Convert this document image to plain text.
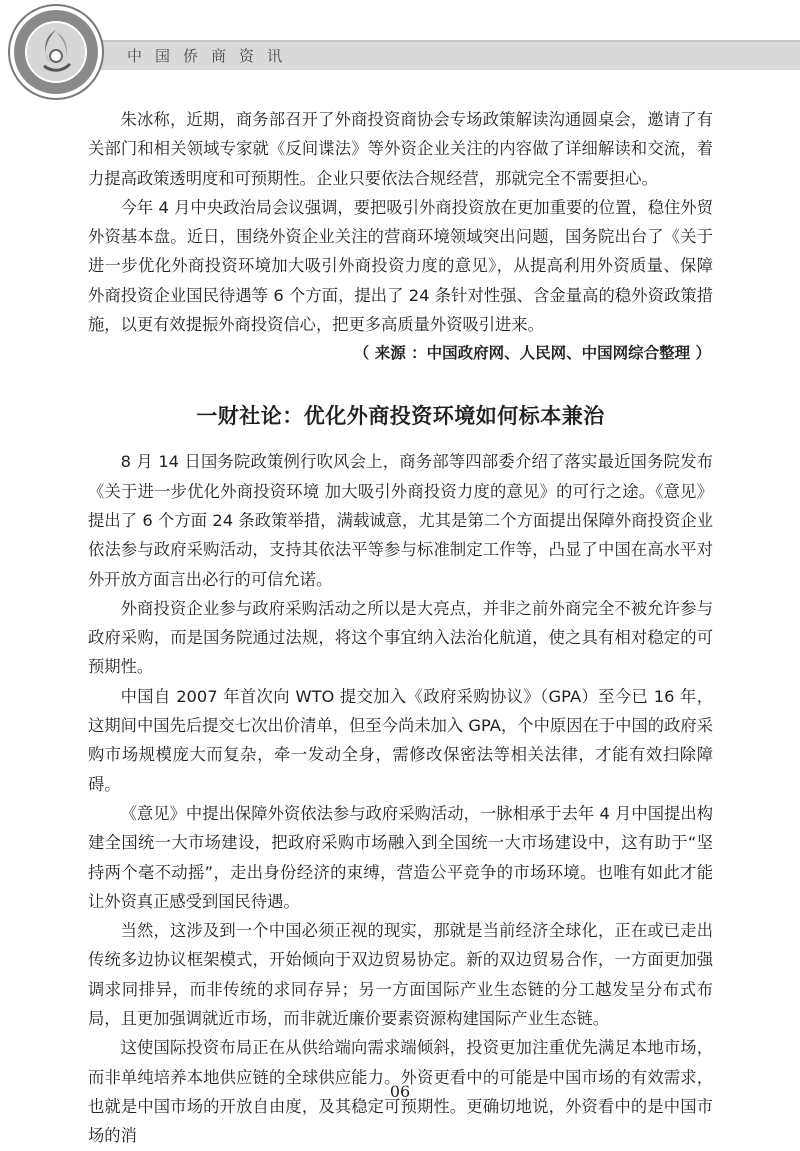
中国侨商资讯

朱冰称，近期，商务部召开了外商投资商协会专场政策解读沟通圆桌会，邀请了有关部门和相关领域专家就《反间谍法》等外资企业关注的内容做了详细解读和交流，着力提高政策透明度和可预期性。企业只要依法合规经营，那就完全不需要担心。

今年 4 月中央政治局会议强调，要把吸引外商投资放在更加重要的位置，稳住外贸外资基本盘。近日，围绕外资企业关注的营商环境领域突出问题，国务院出台了《关于进一步优化外商投资环境加大吸引外商投资力度的意见》，从提高利用外资质量、保障外商投资企业国民待遇等 6 个方面，提出了 24 条针对性强、含金量高的稳外资政策措施，以更有效提振外商投资信心，把更多高质量外资吸引进来。

（ 来源 ：中国政府网、人民网、中国网综合整理 ）

一财社论：优化外商投资环境如何标本兼治

8 月 14 日国务院政策例行吹风会上，商务部等四部委介绍了落实最近国务院发布《关于进一步优化外商投资环境 加大吸引外商投资力度的意见》的可行之途。《意见》提出了 6 个方面 24 条政策举措，满载诚意，尤其是第二个方面提出保障外商投资企业依法参与政府采购活动，支持其依法平等参与标准制定工作等，凸显了中国在高水平对外开放方面言出必行的可信允诺。

外商投资企业参与政府采购活动之所以是大亮点，并非之前外商完全不被允许参与政府采购，而是国务院通过法规，将这个事宜纳入法治化航道，使之具有相对稳定的可预期性。

中国自 2007 年首次向 WTO 提交加入《政府采购协议》（GPA）至今已 16 年，这期间中国先后提交七次出价清单，但至今尚未加入 GPA，个中原因在于中国的政府采购市场规模庞大而复杂，牵一发动全身，需修改保密法等相关法律，才能有效扫除障碍。

《意见》中提出保障外资依法参与政府采购活动，一脉相承于去年 4 月中国提出构建全国统一大市场建设，把政府采购市场融入到全国统一大市场建设中，这有助于“坚持两个毫不动摇”，走出身份经济的束缚，营造公平竞争的市场环境。也唯有如此才能让外资真正感受到国民待遇。

当然，这涉及到一个中国必须正视的现实，那就是当前经济全球化，正在或已走出传统多边协议框架模式，开始倾向于双边贸易协定。新的双边贸易合作，一方面更加强调求同排异，而非传统的求同存异；另一方面国际产业生态链的分工越发呈分布式布局，且更加强调就近市场，而非就近廉价要素资源构建国际产业生态链。

这使国际投资布局正在从供给端向需求端倾斜，投资更加注重优先满足本地市场，而非单纯培养本地供应链的全球供应能力。外资更看中的可能是中国市场的有效需求，也就是中国市场的开放自由度，及其稳定可预期性。更确切地说，外资看中的是中国市场的消

06
